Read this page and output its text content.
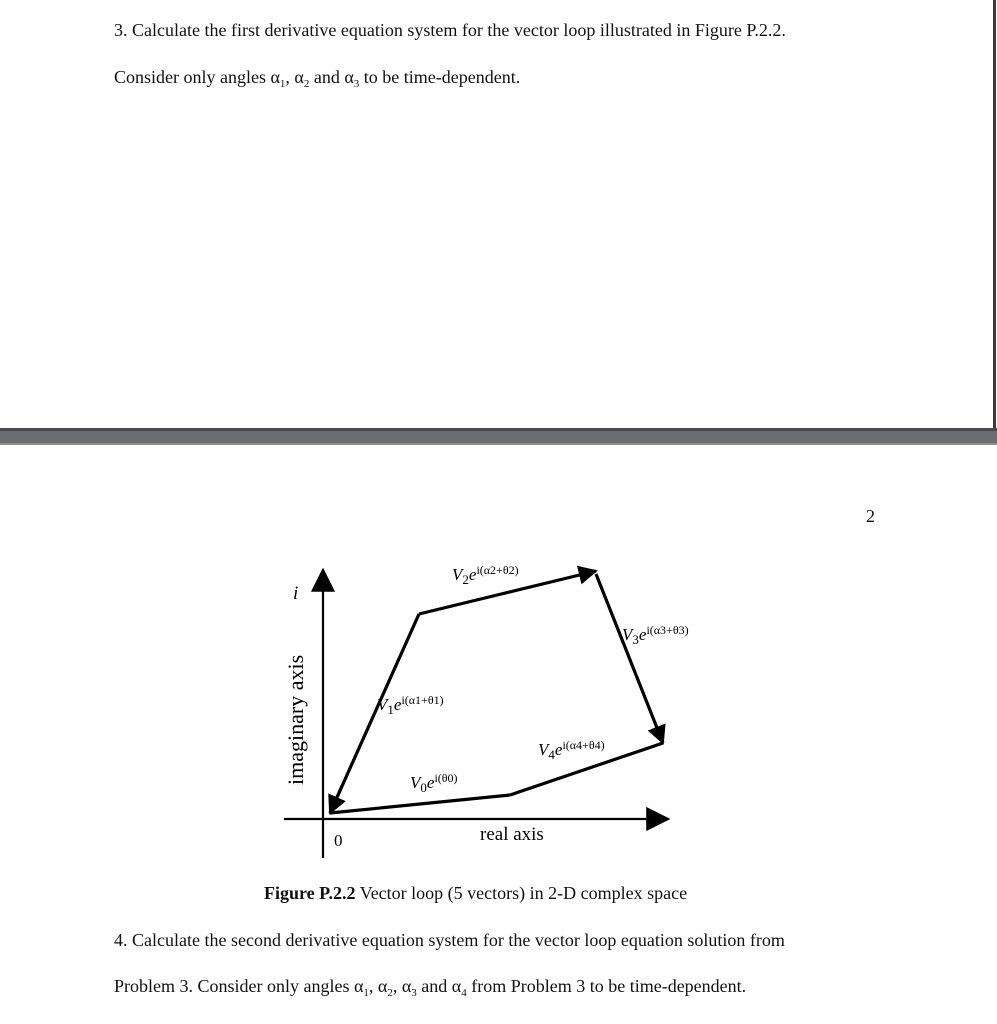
3. Calculate the first derivative equation system for the vector loop illustrated in Figure P.2.2.
Consider only angles $\alpha_1$, $\alpha_2$ and $\alpha_3$ to be time-dependent.
2
i
imaginary axis
real axis
0
$V_0e^{i(\theta 0)}$
$V_1e^{i(\alpha 1+\theta 1)}$
$V_2e^{i(\alpha 2+\theta 2)}$
$V_3e^{i(\alpha 3+\theta 3)}$
$V_4e^{i(\alpha 4+\theta 4)}$
Figure P.2.2 Vector loop (5 vectors) in 2-D complex space
4. Calculate the second derivative equation system for the vector loop equation solution from
Problem 3. Consider only angles $\alpha_1$, $\alpha_2$, $\alpha_3$ and $\alpha_4$ from Problem 3 to be time-dependent.
